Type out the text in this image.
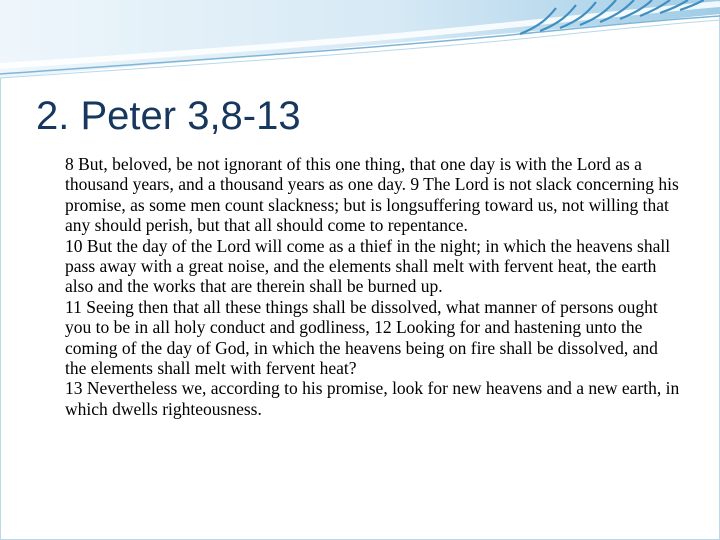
2. Peter 3,8-13

8 But, beloved, be not ignorant of this one thing, that one day is with the Lord as a thousand years, and a thousand years as one day. 9 The Lord is not slack concerning his promise, as some men count slackness; but is longsuffering toward us, not willing that any should perish, but that all should come to repentance.

10 But the day of the Lord will come as a thief in the night; in which the heavens shall pass away with a great noise, and the elements shall melt with fervent heat, the earth also and the works that are therein shall be burned up.

11 Seeing then that all these things shall be dissolved, what manner of persons ought you to be in all holy conduct and godliness, 12 Looking for and hastening unto the coming of the day of God, in which the heavens being on fire shall be dissolved, and the elements shall melt with fervent heat?

13 Nevertheless we, according to his promise, look for new heavens and a new earth, in which dwells righteousness.
